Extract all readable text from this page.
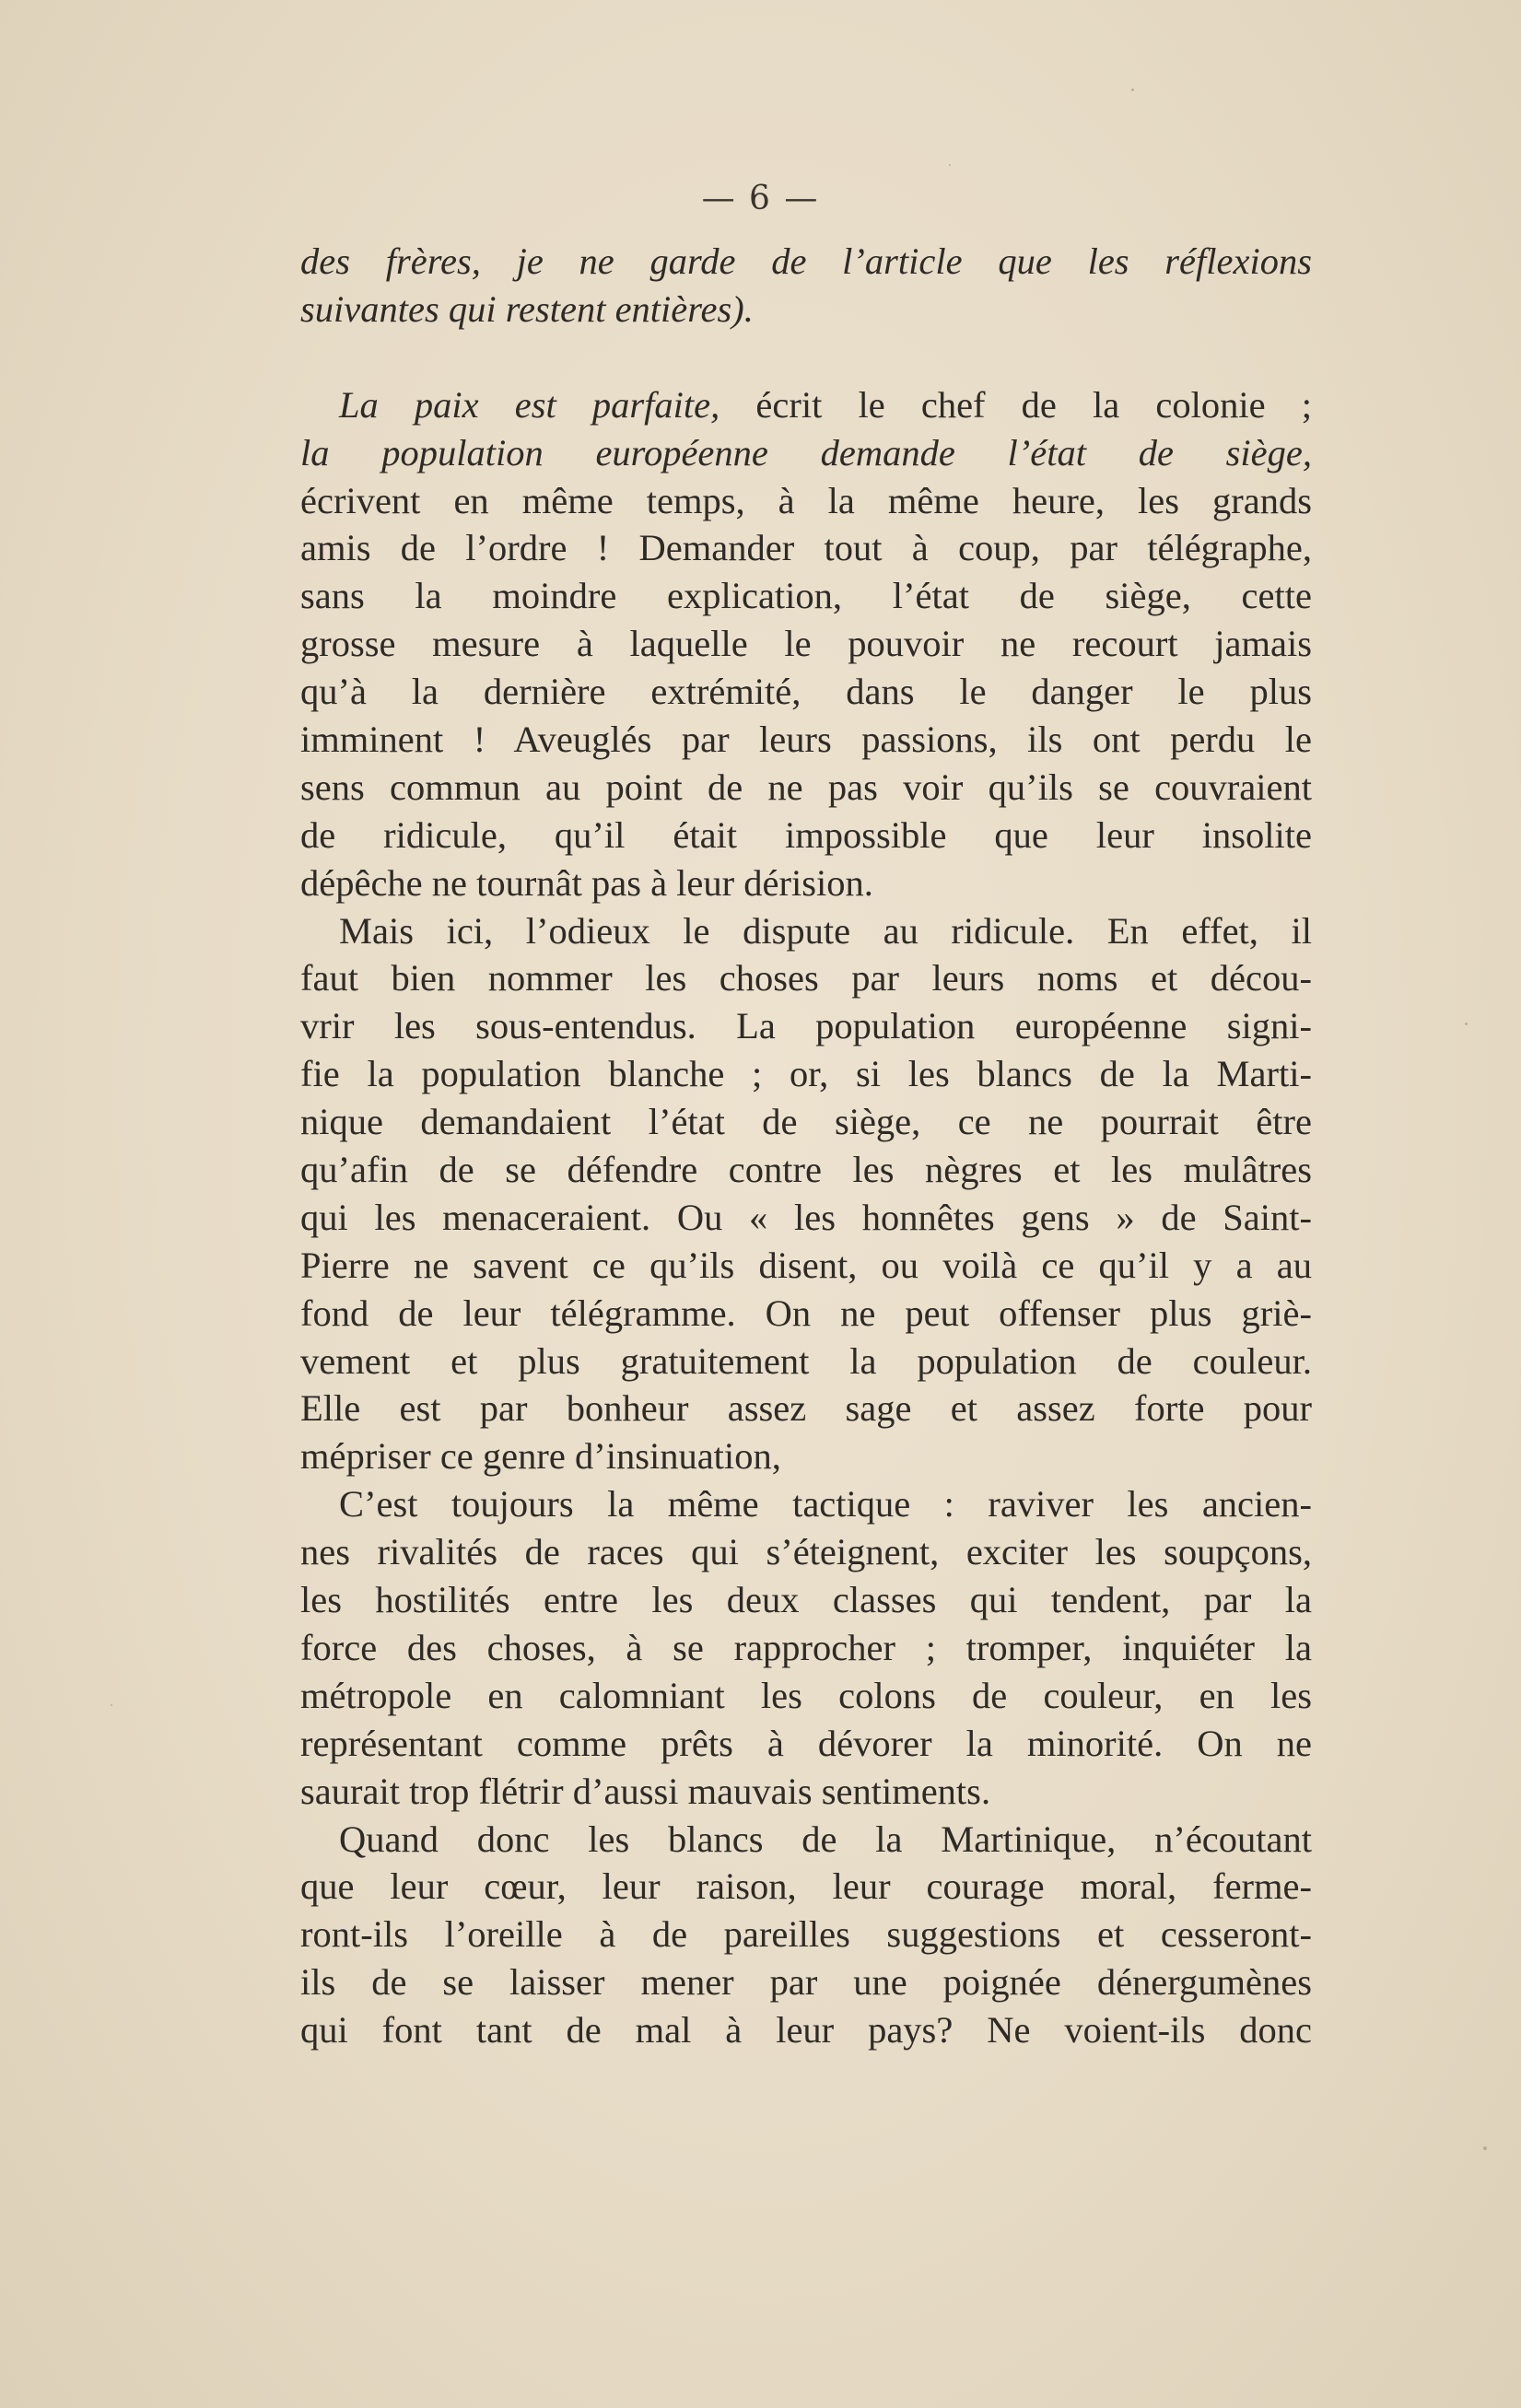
— 6 —
des frères, je ne garde de l’article que les réflexions
suivantes qui restent entières).
La paix est parfaite, écrit le chef de la colonie ;
la population européenne demande l’état de siège,
écrivent en même temps, à la même heure, les grands
amis de l’ordre ! Demander tout à coup, par télégraphe,
sans la moindre explication, l’état de siège, cette
grosse mesure à laquelle le pouvoir ne recourt jamais
qu’à la dernière extrémité, dans le danger le plus
imminent ! Aveuglés par leurs passions, ils ont perdu le
sens commun au point de ne pas voir qu’ils se couvraient
de ridicule, qu’il était impossible que leur insolite
dépêche ne tournât pas à leur dérision.
Mais ici, l’odieux le dispute au ridicule. En effet, il
faut bien nommer les choses par leurs noms et décou-
vrir les sous-entendus. La population européenne signi-
fie la population blanche ; or, si les blancs de la Marti-
nique demandaient l’état de siège, ce ne pourrait être
qu’afin de se défendre contre les nègres et les mulâtres
qui les menaceraient. Ou « les honnêtes gens » de Saint-
Pierre ne savent ce qu’ils disent, ou voilà ce qu’il y a au
fond de leur télégramme. On ne peut offenser plus griè-
vement et plus gratuitement la population de couleur.
Elle est par bonheur assez sage et assez forte pour
mépriser ce genre d’insinuation,
C’est toujours la même tactique : raviver les ancien-
nes rivalités de races qui s’éteignent, exciter les soupçons,
les hostilités entre les deux classes qui tendent, par la
force des choses, à se rapprocher ; tromper, inquiéter la
métropole en calomniant les colons de couleur, en les
représentant comme prêts à dévorer la minorité. On ne
saurait trop flétrir d’aussi mauvais sentiments.
Quand donc les blancs de la Martinique, n’écoutant
que leur cœur, leur raison, leur courage moral, ferme-
ront-ils l’oreille à de pareilles suggestions et cesseront-
ils de se laisser mener par une poignée dénergumènes
qui font tant de mal à leur pays? Ne voient-ils donc
